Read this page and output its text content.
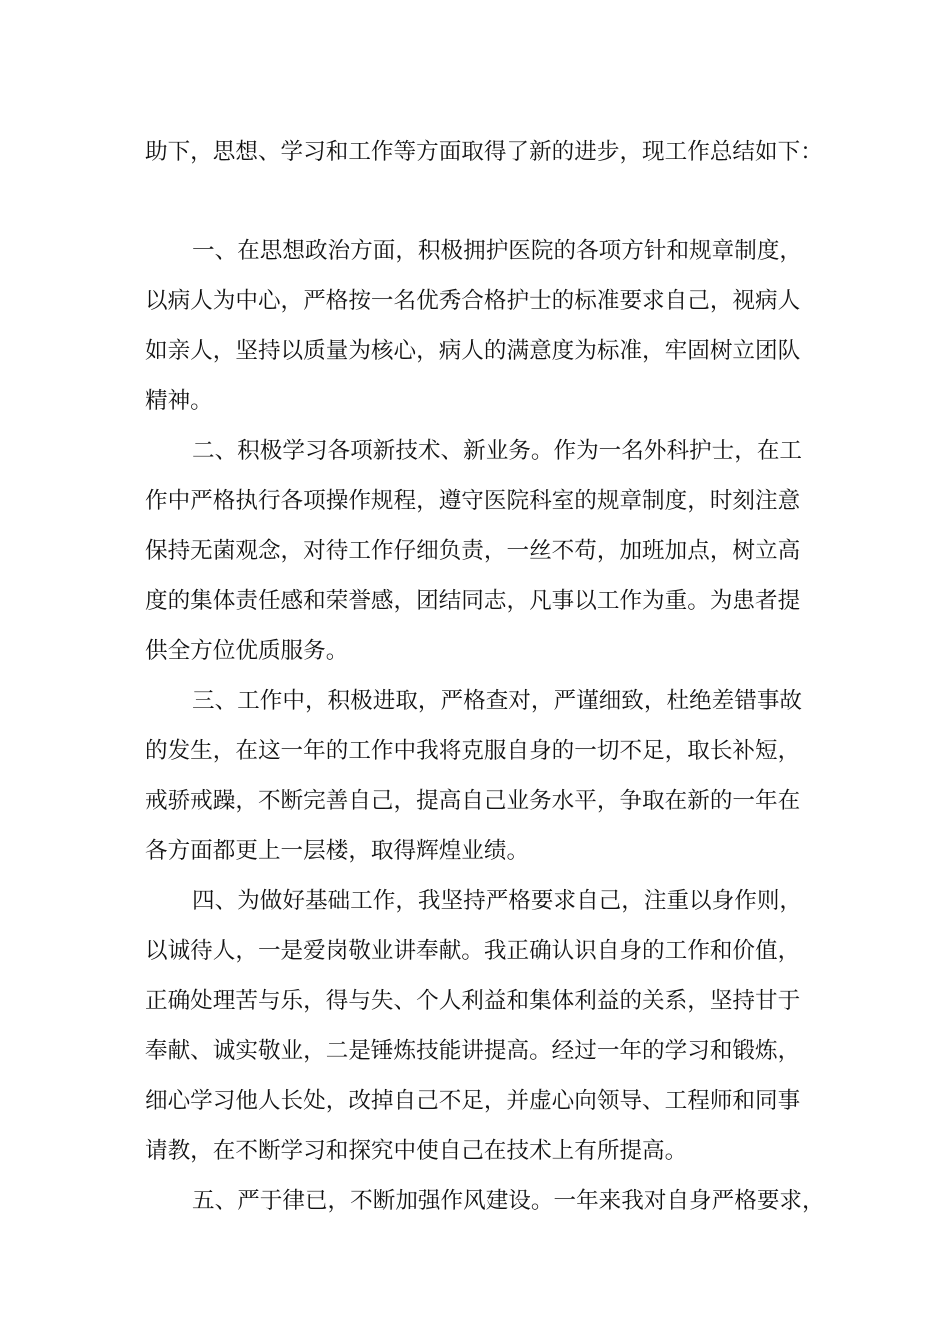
助下，思想、学习和工作等方面取得了新的进步，现工作总结如下：
一、在思想政治方面，积极拥护医院的各项方针和规章制度，
以病人为中心，严格按一名优秀合格护士的标准要求自己，视病人
如亲人，坚持以质量为核心，病人的满意度为标准，牢固树立团队
精神。
二、积极学习各项新技术、新业务。作为一名外科护士，在工
作中严格执行各项操作规程，遵守医院科室的规章制度，时刻注意
保持无菌观念，对待工作仔细负责，一丝不苟，加班加点，树立高
度的集体责任感和荣誉感，团结同志，凡事以工作为重。为患者提
供全方位优质服务。
三、工作中，积极进取，严格查对，严谨细致，杜绝差错事故
的发生，在这一年的工作中我将克服自身的一切不足，取长补短，
戒骄戒躁，不断完善自己，提高自己业务水平，争取在新的一年在
各方面都更上一层楼，取得辉煌业绩。
四、为做好基础工作，我坚持严格要求自己，注重以身作则，
以诚待人，一是爱岗敬业讲奉献。我正确认识自身的工作和价值，
正确处理苦与乐，得与失、个人利益和集体利益的关系，坚持甘于
奉献、诚实敬业，二是锤炼技能讲提高。经过一年的学习和锻炼，
细心学习他人长处，改掉自己不足，并虚心向领导、工程师和同事
请教，在不断学习和探究中使自己在技术上有所提高。
五、严于律已，不断加强作风建设。一年来我对自身严格要求，
